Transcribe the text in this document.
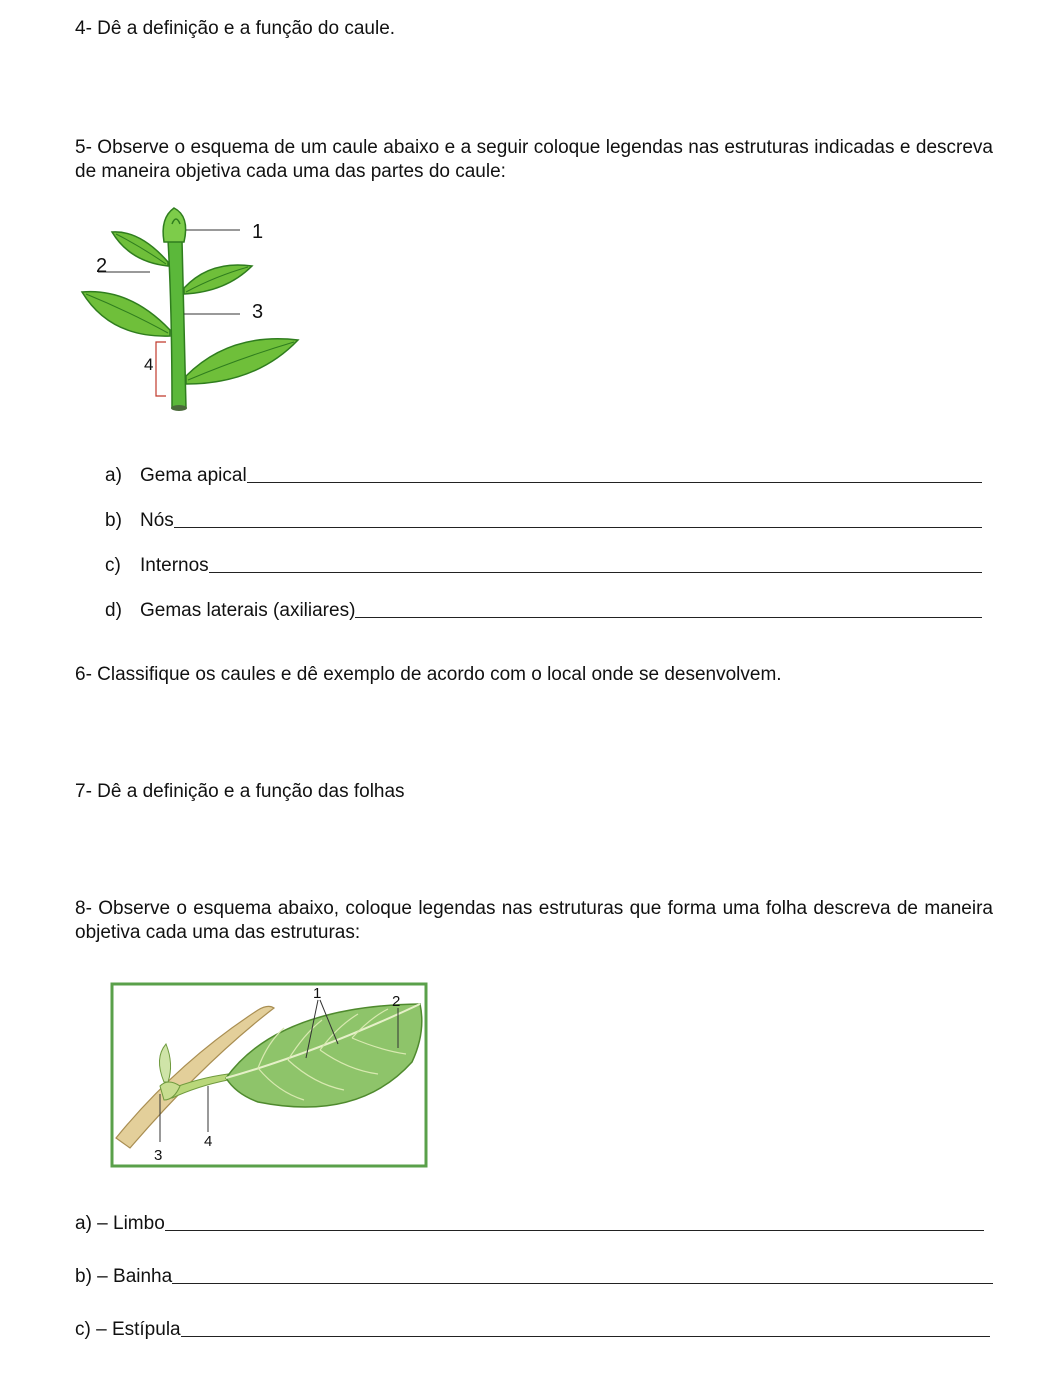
4- Dê a definição e a função do caule.

5- Observe o esquema de um caule abaixo e a seguir coloque legendas nas estruturas indicadas e descreva de maneira objetiva cada uma das partes do caule:

1
2
3
4
a) Gema apical
b) Nós
c)	Internos
d) Gemas laterais (axiliares)

6- Classifique os caules e dê exemplo de acordo com o local onde se desenvolvem.

7- Dê a definição e a função das folhas

8- Observe o esquema abaixo, coloque legendas nas estruturas que forma uma folha descreva de maneira objetiva cada uma das estruturas:

1	2
3
4
a) – Limbo
b) – Bainha
c) – Estípula
